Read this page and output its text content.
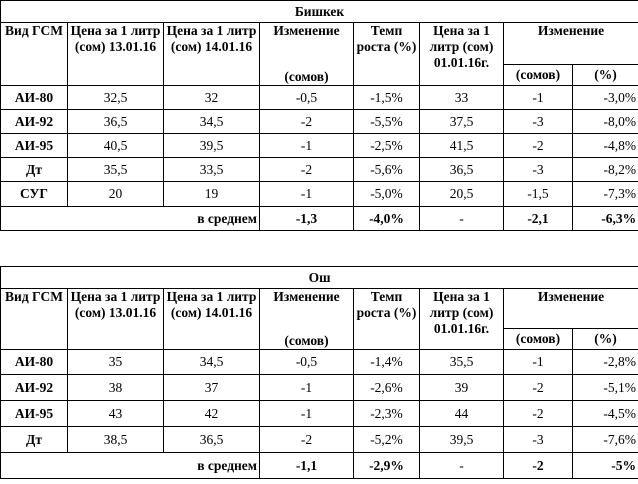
Бишкек							
Вид ГСМ	Цена за 1 литр (сом) 13.01.16	Цена за 1 литр (сом) 14.01.16	Изменение	Темп роста (%)	Цена за 1 литр (сом) 01.01.16г.	Изменение	
			(сомов)			(сомов)	(%)
АИ-80	32,5	32	-0,5	-1,5%	33	-1	-3,0%
АИ-92	36,5	34,5	-2	-5,5%	37,5	-3	-8,0%
АИ-95	40,5	39,5	-1	-2,5%	41,5	-2	-4,8%
Дт	35,5	33,5	-2	-5,6%	36,5	-3	-8,2%
СУГ	20	19	-1	-5,0%	20,5	-1,5	-7,3%
в среднем			-1,3	-4,0%	-	-2,1	-6,3%
Ош							
Вид ГСМ	Цена за 1 литр (сом) 13.01.16	Цена за 1 литр (сом) 14.01.16	Изменение	Темп роста (%)	Цена за 1 литр (сом) 01.01.16г.	Изменение	
			(сомов)			(сомов)	(%)
АИ-80	35	34,5	-0,5	-1,4%	35,5	-1	-2,8%
АИ-92	38	37	-1	-2,6%	39	-2	-5,1%
АИ-95	43	42	-1	-2,3%	44	-2	-4,5%
Дт	38,5	36,5	-2	-5,2%	39,5	-3	-7,6%
в среднем			-1,1	-2,9%	-	-2	-5%
